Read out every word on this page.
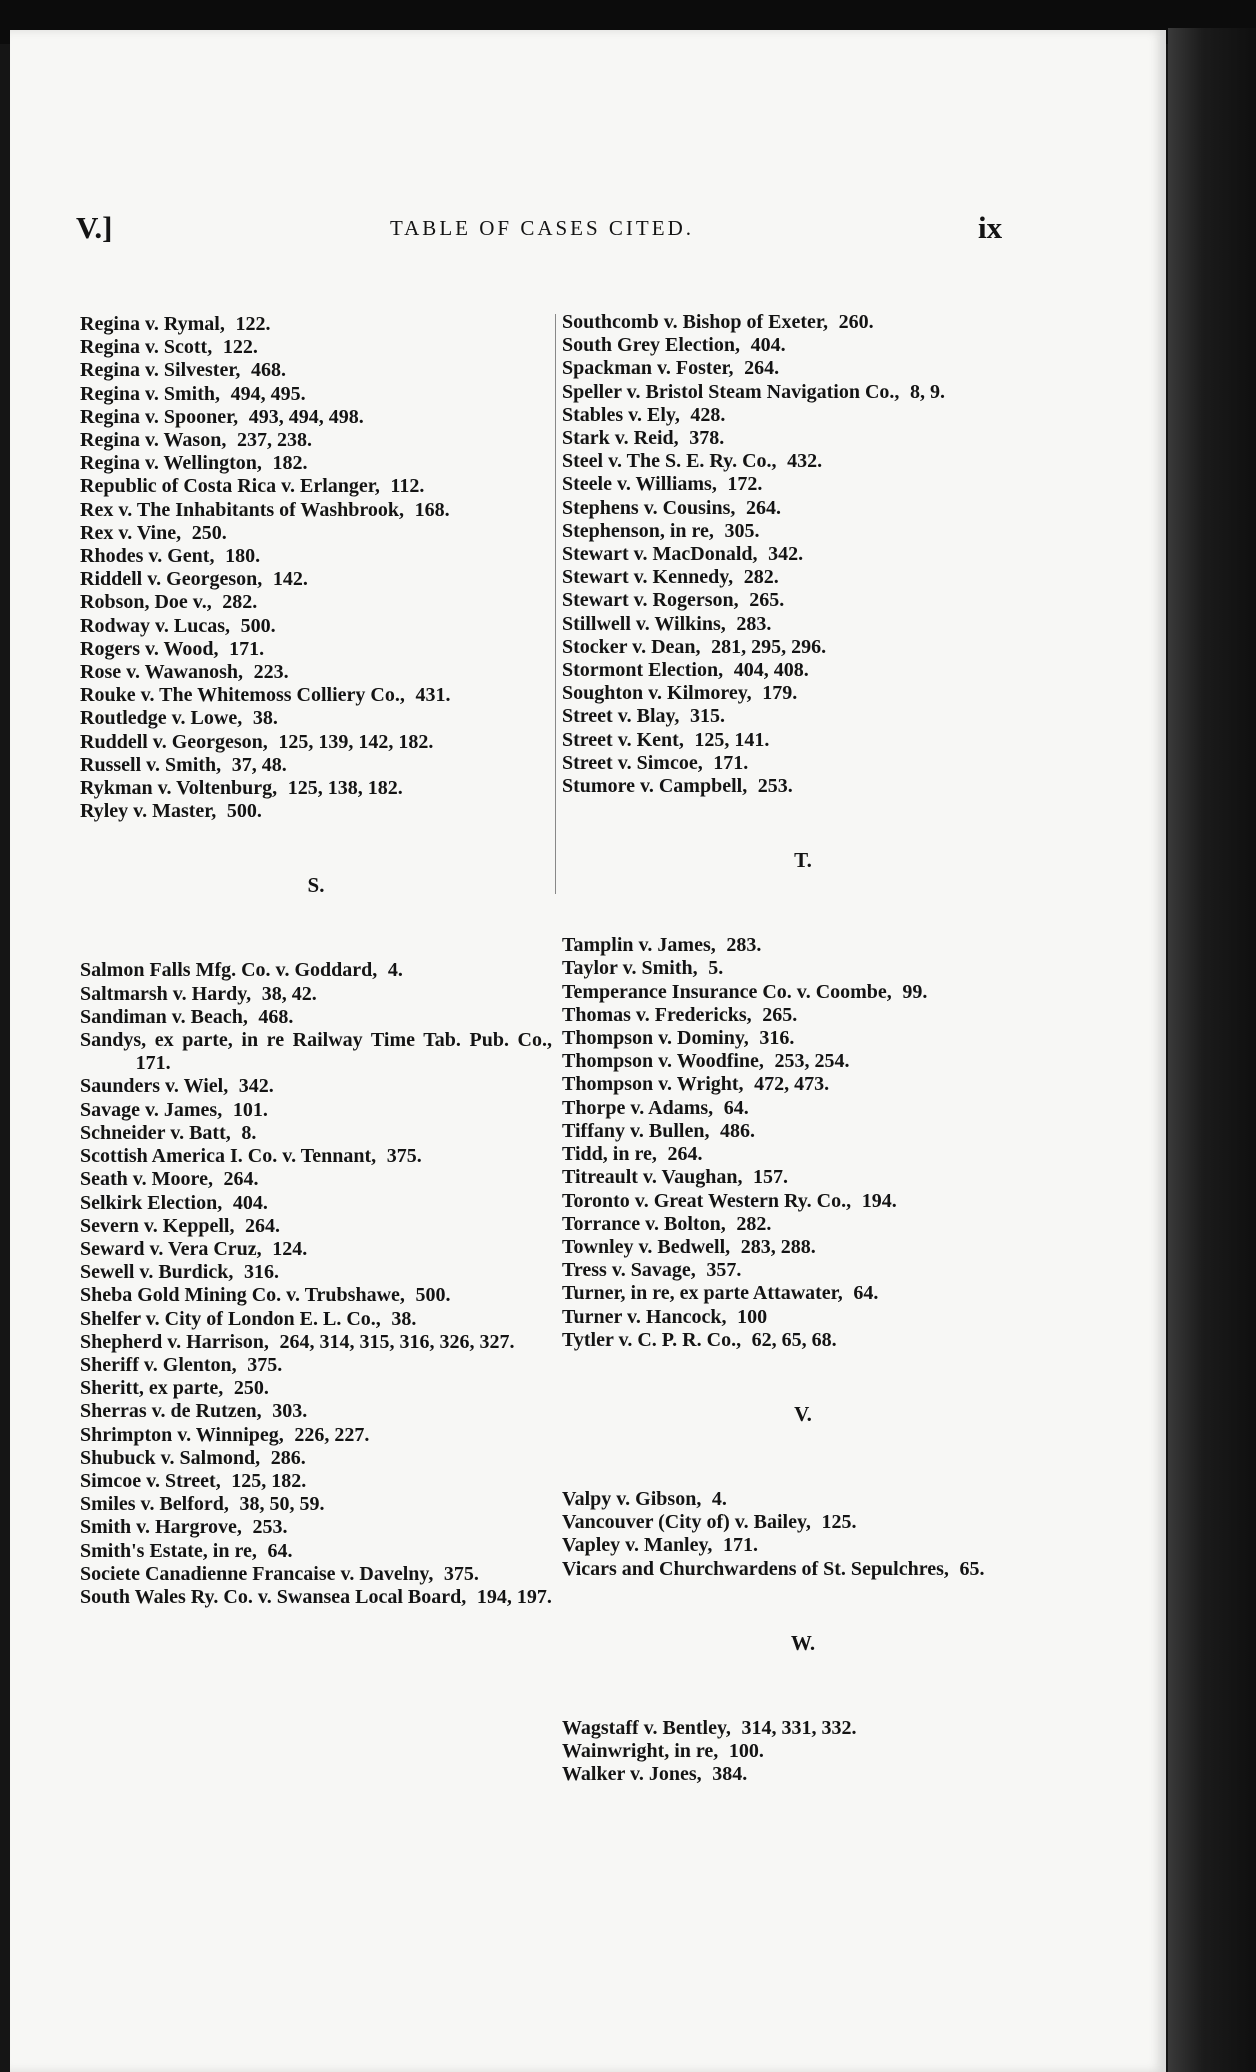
V.]	TABLE OF CASES CITED.	ix

Regina v. Rymal, 122.

Regina v. Scott, 122.

Regina v. Silvester, 468.

Regina v. Smith, 494, 495.

Regina v. Spooner, 493, 494, 498.

Regina v. Wason, 237, 238.

Regina v. Wellington, 182.

Republic of Costa Rica v. Erlanger, 112.

Rex v. The Inhabitants of Washbrook, 168.

Rex v. Vine, 250.

Rhodes v. Gent, 180.

Riddell v. Georgeson, 142.

Robson, Doe v., 282.

Rodway v. Lucas, 500.

Rogers v. Wood, 171.

Rose v. Wawanosh, 223.

Rouke v. The Whitemoss Colliery Co., 431.

Routledge v. Lowe, 38.

Ruddell v. Georgeson, 125, 139, 142, 182.

Russell v. Smith, 37, 48.

Rykman v. Voltenburg, 125, 138, 182.

Ryley v. Master, 500.

S.

Salmon Falls Mfg. Co. v. Goddard, 4.

Saltmarsh v. Hardy, 38, 42.

Sandiman v. Beach, 468.

Sandys, ex parte, in re Railway Time Tab. Pub. Co., 171.

Saunders v. Wiel, 342.

Savage v. James, 101.

Schneider v. Batt, 8.

Scottish America I. Co. v. Tennant, 375.

Seath v. Moore, 264.

Selkirk Election, 404.

Severn v. Keppell, 264.

Seward v. Vera Cruz, 124.

Sewell v. Burdick, 316.

Sheba Gold Mining Co. v. Trubshawe, 500.

Shelfer v. City of London E. L. Co., 38.

Shepherd v. Harrison, 264, 314, 315, 316, 326, 327.

Sheriff v. Glenton, 375.

Sheritt, ex parte, 250.

Sherras v. de Rutzen, 303.

Shrimpton v. Winnipeg, 226, 227.

Shubuck v. Salmond, 286.

Simcoe v. Street, 125, 182.

Smiles v. Belford, 38, 50, 59.

Smith v. Hargrove, 253.

Smith's Estate, in re, 64.

Societe Canadienne Francaise v. Davelny, 375.

South Wales Ry. Co. v. Swansea Local Board, 194, 197.

Southcomb v. Bishop of Exeter, 260.

South Grey Election, 404.

Spackman v. Foster, 264.

Speller v. Bristol Steam Navigation Co., 8, 9.

Stables v. Ely, 428.

Stark v. Reid, 378.

Steel v. The S. E. Ry. Co., 432.

Steele v. Williams, 172.

Stephens v. Cousins, 264.

Stephenson, in re, 305.

Stewart v. MacDonald, 342.

Stewart v. Kennedy, 282.

Stewart v. Rogerson, 265.

Stillwell v. Wilkins, 283.

Stocker v. Dean, 281, 295, 296.

Stormont Election, 404, 408.

Soughton v. Kilmorey, 179.

Street v. Blay, 315.

Street v. Kent, 125, 141.

Street v. Simcoe, 171.

Stumore v. Campbell, 253.

T.

Tamplin v. James, 283.

Taylor v. Smith, 5.

Temperance Insurance Co. v. Coombe, 99.

Thomas v. Fredericks, 265.

Thompson v. Dominy, 316.

Thompson v. Woodfine, 253, 254.

Thompson v. Wright, 472, 473.

Thorpe v. Adams, 64.

Tiffany v. Bullen, 486.

Tidd, in re, 264.

Titreault v. Vaughan, 157.

Toronto v. Great Western Ry. Co., 194.

Torrance v. Bolton, 282.

Townley v. Bedwell, 283, 288.

Tress v. Savage, 357.

Turner, in re, ex parte Attawater, 64.

Turner v. Hancock, 100

Tytler v. C. P. R. Co., 62, 65, 68.

V.

Valpy v. Gibson, 4.

Vancouver (City of) v. Bailey, 125.

Vapley v. Manley, 171.

Vicars and Churchwardens of St. Sepulchres, 65.

W.

Wagstaff v. Bentley, 314, 331, 332.

Wainwright, in re, 100.

Walker v. Jones, 384.
